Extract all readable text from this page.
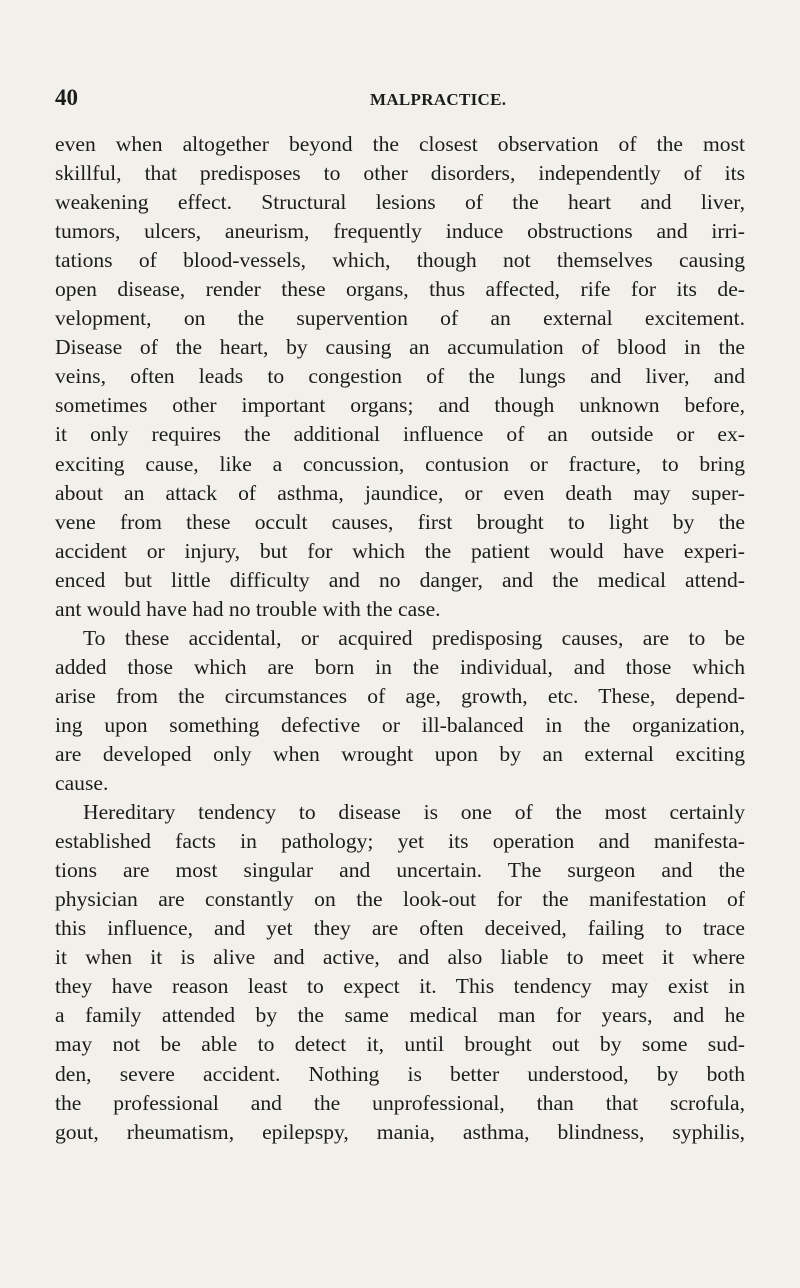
40	MALPRACTICE.
even when altogether beyond the closest observation of the most
skillful, that predisposes to other disorders, independently of its
weakening effect. Structural lesions of the heart and liver,
tumors, ulcers, aneurism, frequently induce obstructions and irri-
tations of blood-vessels, which, though not themselves causing
open disease, render these organs, thus affected, rife for its de-
velopment, on the supervention of an external excitement.
Disease of the heart, by causing an accumulation of blood in the
veins, often leads to congestion of the lungs and liver, and
sometimes other important organs; and though unknown before,
it only requires the additional influence of an outside or ex-
exciting cause, like a concussion, contusion or fracture, to bring
about an attack of asthma, jaundice, or even death may super-
vene from these occult causes, first brought to light by the
accident or injury, but for which the patient would have experi-
enced but little difficulty and no danger, and the medical attend-
ant would have had no trouble with the case.
To these accidental, or acquired predisposing causes, are to be
added those which are born in the individual, and those which
arise from the circumstances of age, growth, etc. These, depend-
ing upon something defective or ill-balanced in the organization,
are developed only when wrought upon by an external exciting
cause.
Hereditary tendency to disease is one of the most certainly
established facts in pathology; yet its operation and manifesta-
tions are most singular and uncertain. The surgeon and the
physician are constantly on the look-out for the manifestation of
this influence, and yet they are often deceived, failing to trace
it when it is alive and active, and also liable to meet it where
they have reason least to expect it. This tendency may exist in
a family attended by the same medical man for years, and he
may not be able to detect it, until brought out by some sud-
den, severe accident. Nothing is better understood, by both
the professional and the unprofessional, than that scrofula,
gout, rheumatism, epilepspy, mania, asthma, blindness, syphilis,
